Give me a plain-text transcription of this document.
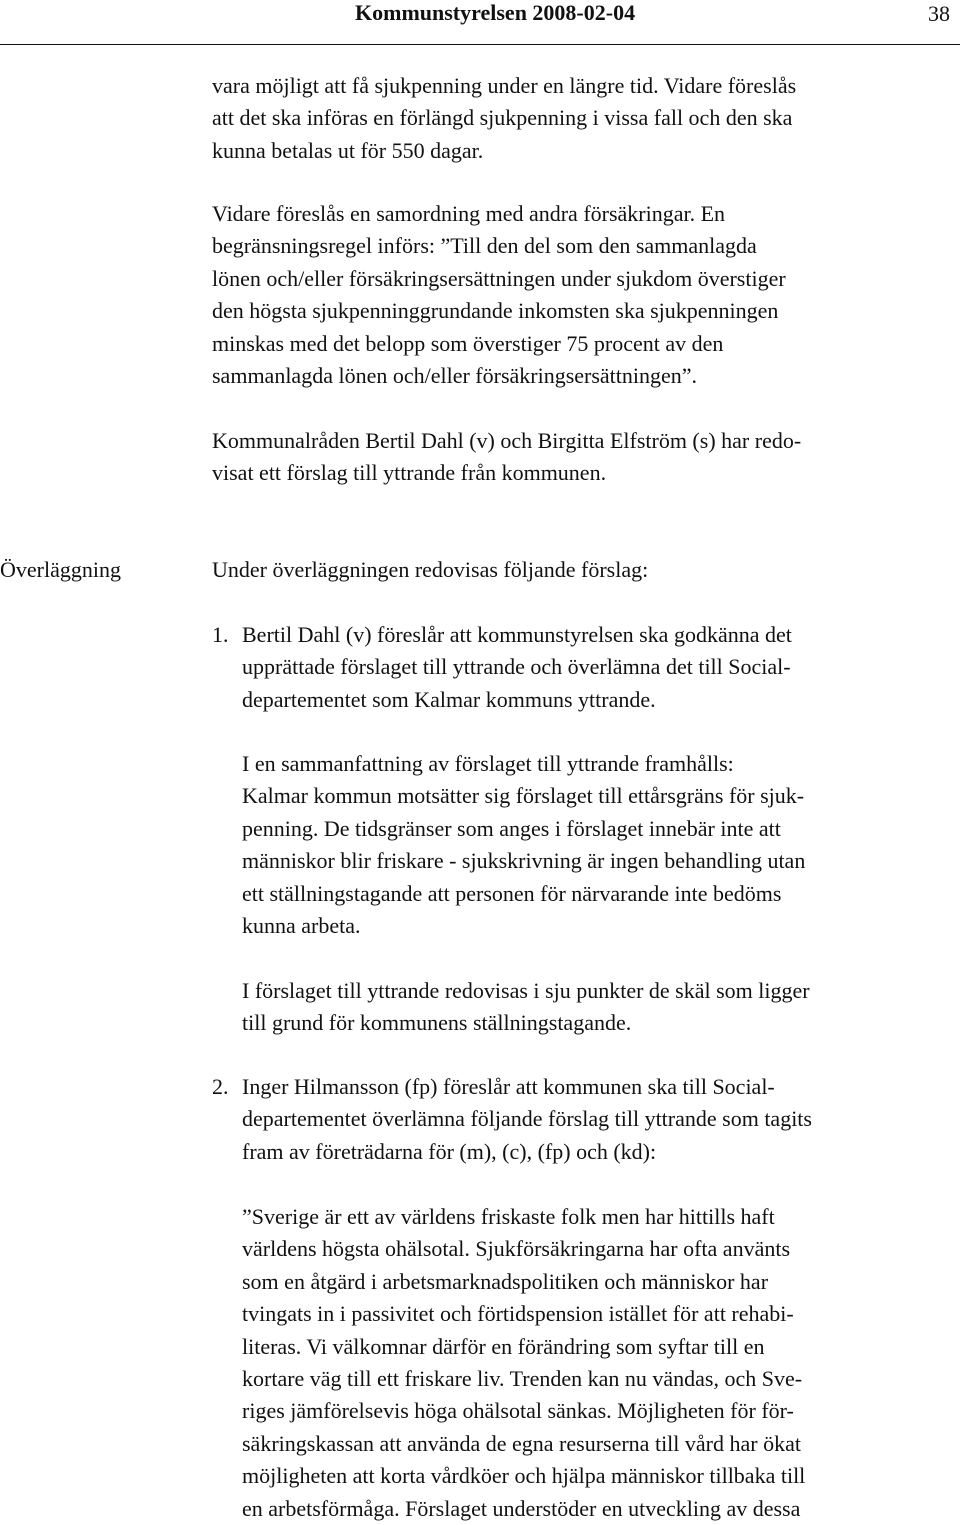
Kommunstyrelsen 2008-02-04	38
vara möjligt att få sjukpenning under en längre tid. Vidare föreslås
att det ska införas en förlängd sjukpenning i vissa fall och den ska
kunna betalas ut för 550 dagar.
Vidare föreslås en samordning med andra försäkringar. En
begränsningsregel införs: ”Till den del som den sammanlagda
lönen och/eller försäkringsersättningen under sjukdom överstiger
den högsta sjukpenninggrundande inkomsten ska sjukpenningen
minskas med det belopp som överstiger 75 procent av den
sammanlagda lönen och/eller försäkringsersättningen”.
Kommunalråden Bertil Dahl (v) och Birgitta Elfström (s) har redo-
visat ett förslag till yttrande från kommunen.
Överläggning	Under överläggningen redovisas följande förslag:
1. Bertil Dahl (v) föreslår att kommunstyrelsen ska godkänna det
upprättade förslaget till yttrande och överlämna det till Social-
departementet som Kalmar kommuns yttrande.
I en sammanfattning av förslaget till yttrande framhålls:
Kalmar kommun motsätter sig förslaget till ettårsgräns för sjuk-
penning. De tidsgränser som anges i förslaget innebär inte att
människor blir friskare - sjukskrivning är ingen behandling utan
ett ställningstagande att personen för närvarande inte bedöms
kunna arbeta.
I förslaget till yttrande redovisas i sju punkter de skäl som ligger
till grund för kommunens ställningstagande.
2. Inger Hilmansson (fp) föreslår att kommunen ska till Social-
departementet överlämna följande förslag till yttrande som tagits
fram av företrädarna för (m), (c), (fp) och (kd):
”Sverige är ett av världens friskaste folk men har hittills haft
världens högsta ohälsotal. Sjukförsäkringarna har ofta använts
som en åtgärd i arbetsmarknadspolitiken och människor har
tvingats in i passivitet och förtidspension istället för att rehabi-
literas. Vi välkomnar därför en förändring som syftar till en
kortare väg till ett friskare liv. Trenden kan nu vändas, och Sve-
riges jämförelsevis höga ohälsotal sänkas. Möjligheten för för-
säkringskassan att använda de egna resurserna till vård har ökat
möjligheten att korta vårdköer och hjälpa människor tillbaka till
en arbetsförmåga. Förslaget understöder en utveckling av dessa
